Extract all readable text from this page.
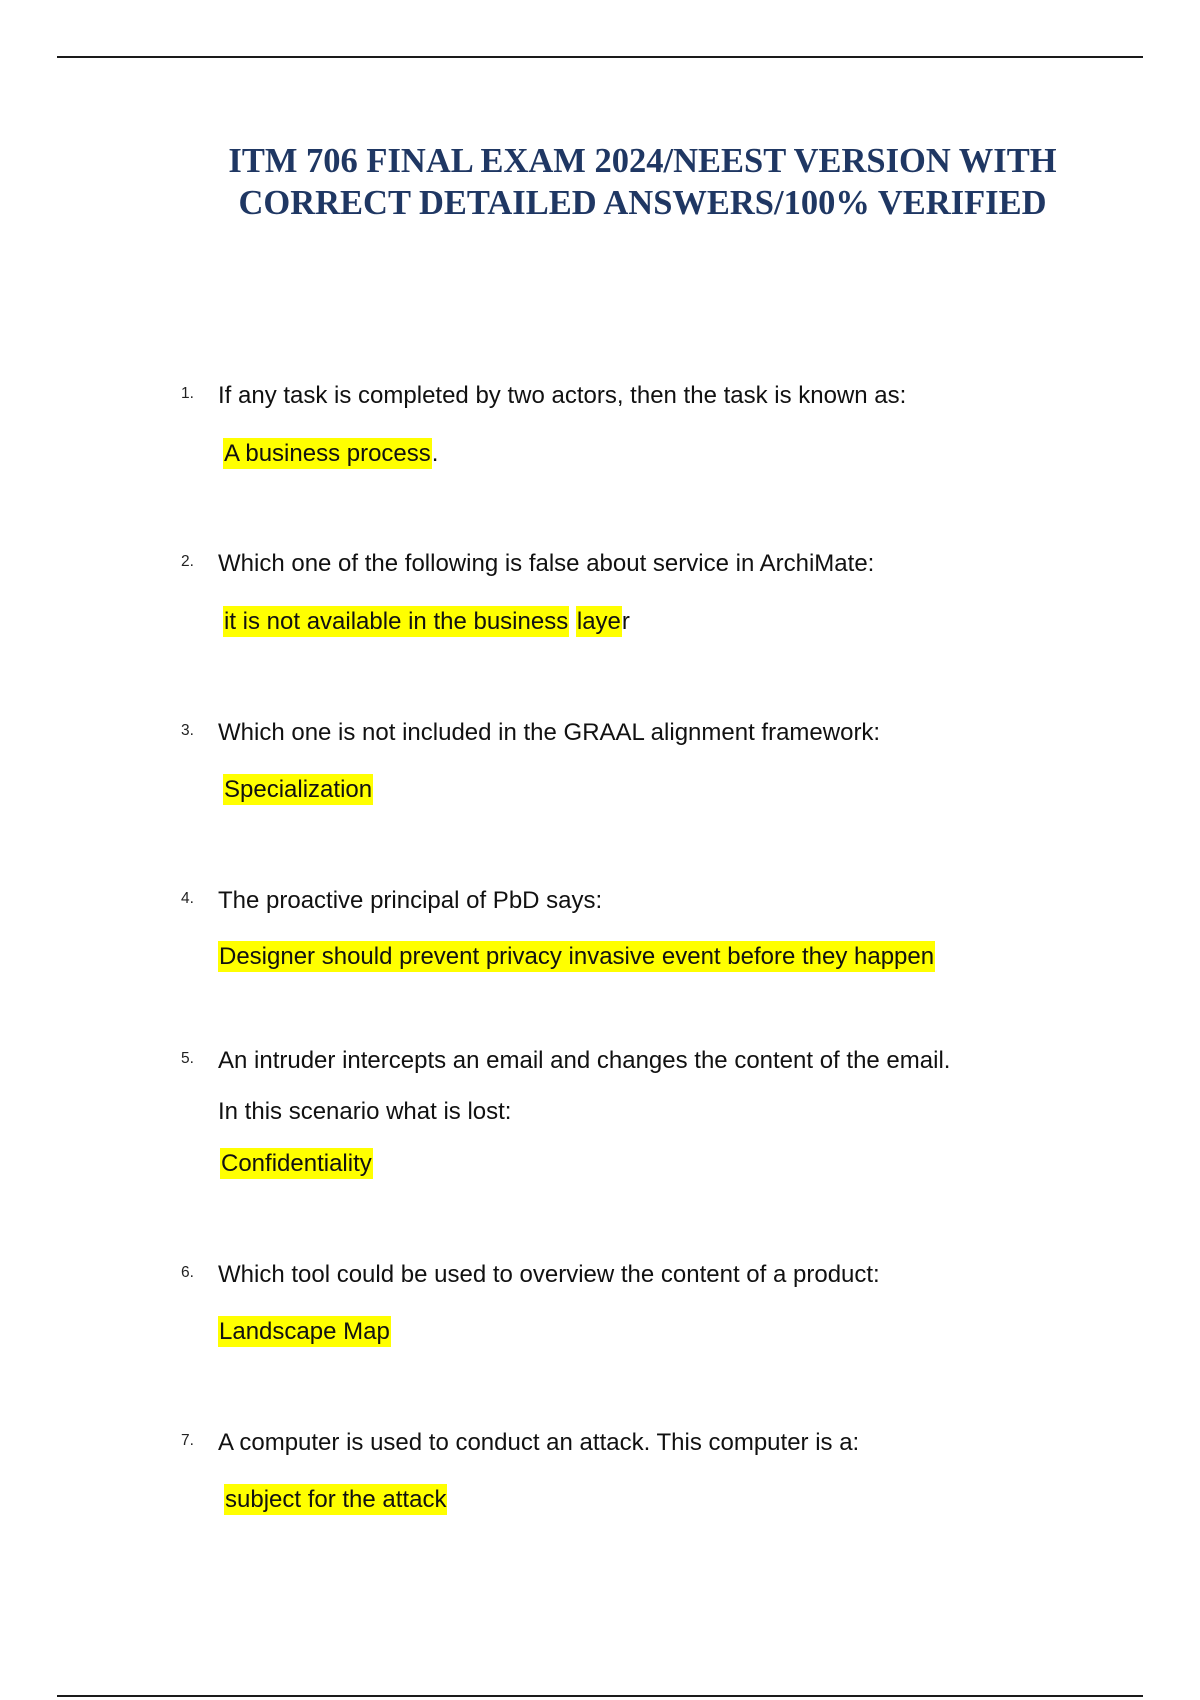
ITM 706 FINAL EXAM 2024/NEEST VERSION WITH
CORRECT DETAILED ANSWERS/100% VERIFIED
1. If any task is completed by two actors, then the task is known as:
A business process.
2. Which one of the following is false about service in ArchiMate:
it is not available in the business layer
3. Which one is not included in the GRAAL alignment framework:
Specialization
4. The proactive principal of PbD says:
Designer should prevent privacy invasive event before they happen
5. An intruder intercepts an email and changes the content of the email.
In this scenario what is lost:
Confidentiality
6. Which tool could be used to overview the content of a product:
Landscape Map
7. A computer is used to conduct an attack. This computer is a:
subject for the attack
